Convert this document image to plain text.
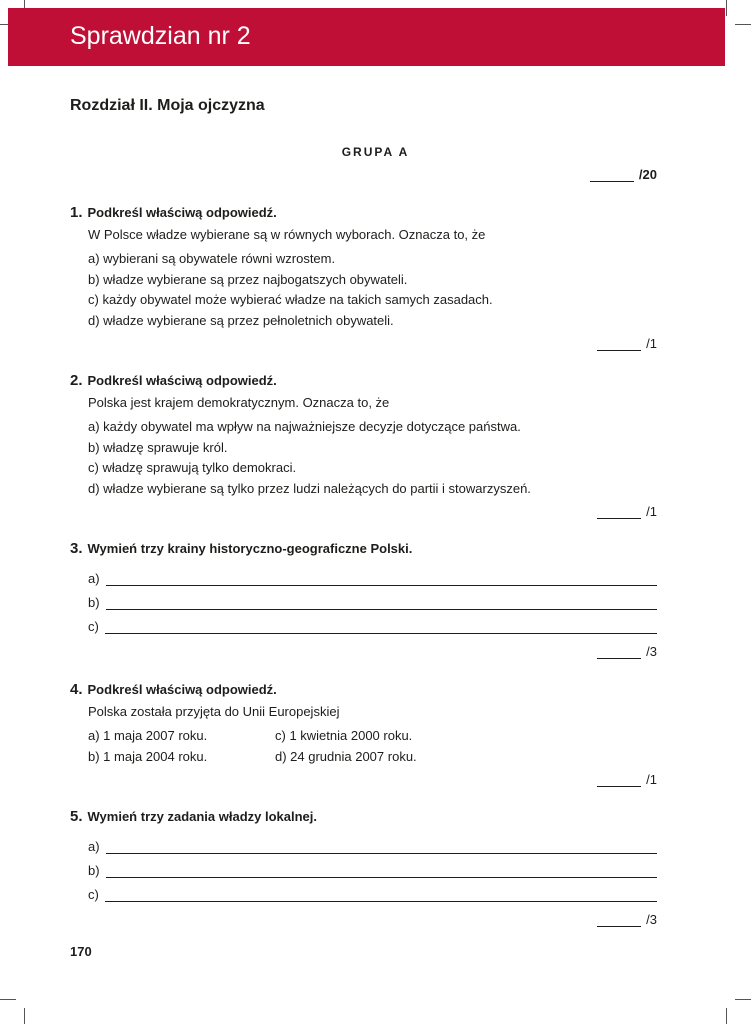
Sprawdzian nr 2
Rozdział II. Moja ojczyzna
GRUPA A
/20
1. Podkreśl właściwą odpowiedź.
W Polsce władze wybierane są w równych wyborach. Oznacza to, że
a) wybierani są obywatele równi wzrostem.
b) władze wybierane są przez najbogatszych obywateli.
c) każdy obywatel może wybierać władze na takich samych zasadach.
d) władze wybierane są przez pełnoletnich obywateli.
/1
2. Podkreśl właściwą odpowiedź.
Polska jest krajem demokratycznym. Oznacza to, że
a) każdy obywatel ma wpływ na najważniejsze decyzje dotyczące państwa.
b) władzę sprawuje król.
c) władzę sprawują tylko demokraci.
d) władze wybierane są tylko przez ludzi należących do partii i stowarzyszeń.
/1
3. Wymień trzy krainy historyczno-geograficzne Polski.
a)
b)
c)
/3
4. Podkreśl właściwą odpowiedź.
Polska została przyjęta do Unii Europejskiej
a) 1 maja 2007 roku.	c) 1 kwietnia 2000 roku.
b) 1 maja 2004 roku.	d) 24 grudnia 2007 roku.
/1
5. Wymień trzy zadania władzy lokalnej.
a)
b)
c)
/3
170
